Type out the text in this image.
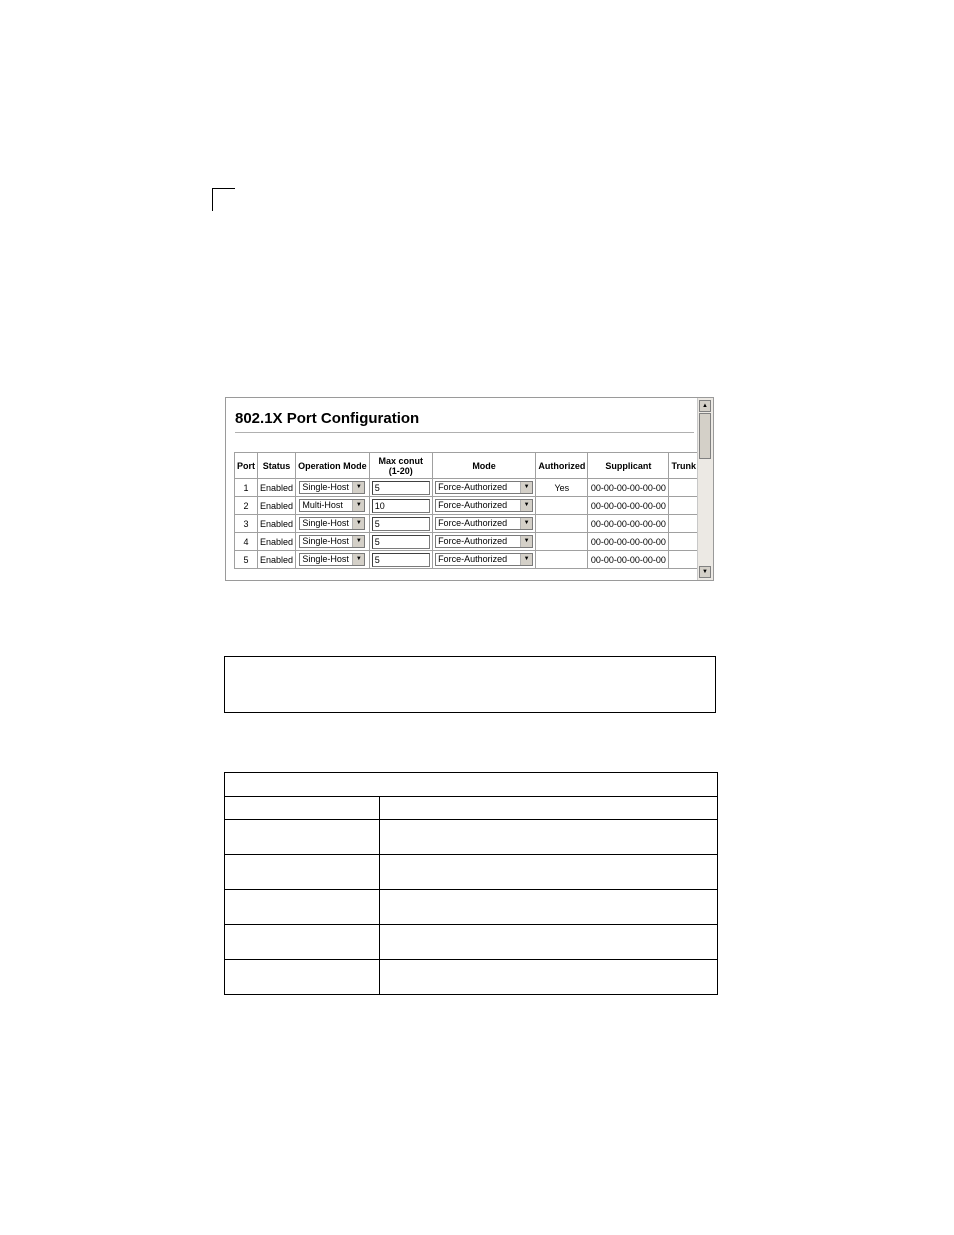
802.1X Port Configuration
Port	Status	Operation Mode	Max conut
(1-20)	Mode	Authorized	Supplicant	Trunk
1	Enabled	Single-Host ▼	5	Force-Authorized ▼	Yes	00-00-00-00-00-00	
2	Enabled	Multi-Host ▼	10	Force-Authorized ▼		00-00-00-00-00-00	
3	Enabled	Single-Host ▼	5	Force-Authorized ▼		00-00-00-00-00-00	
4	Enabled	Single-Host ▼	5	Force-Authorized ▼		00-00-00-00-00-00	
5	Enabled	Single-Host ▼	5	Force-Authorized ▼		00-00-00-00-00-00	
▲
▼
